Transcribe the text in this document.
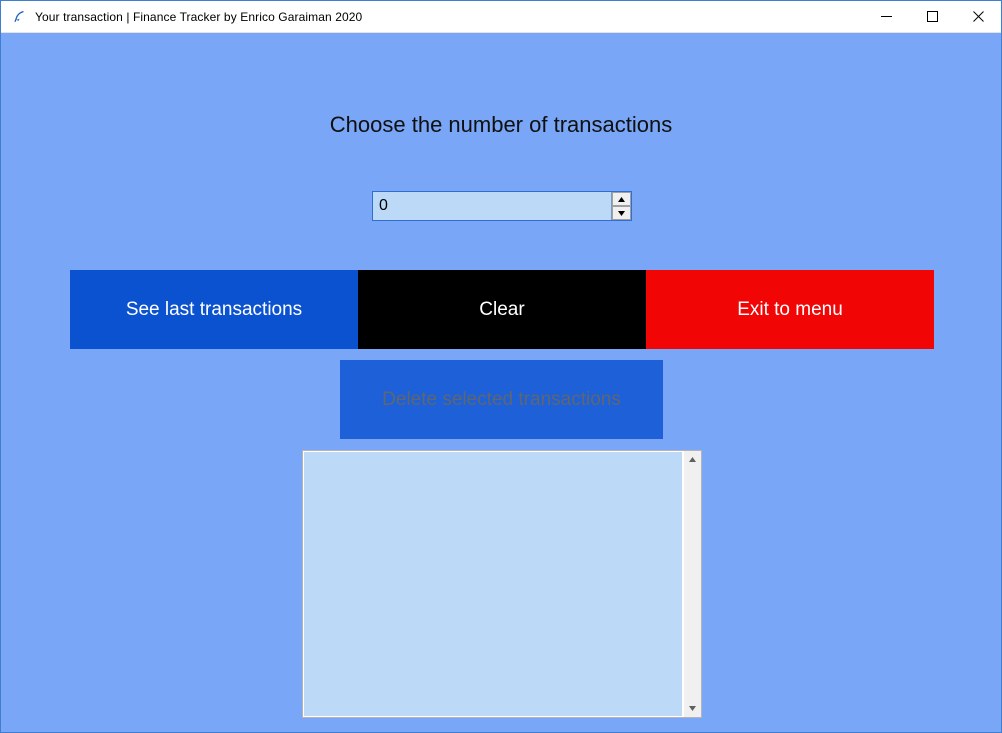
Your transaction | Finance Tracker by Enrico Garaiman 2020
Choose the number of transactions
0
See last transactions	Clear	Exit to menu
Delete selected transactions
